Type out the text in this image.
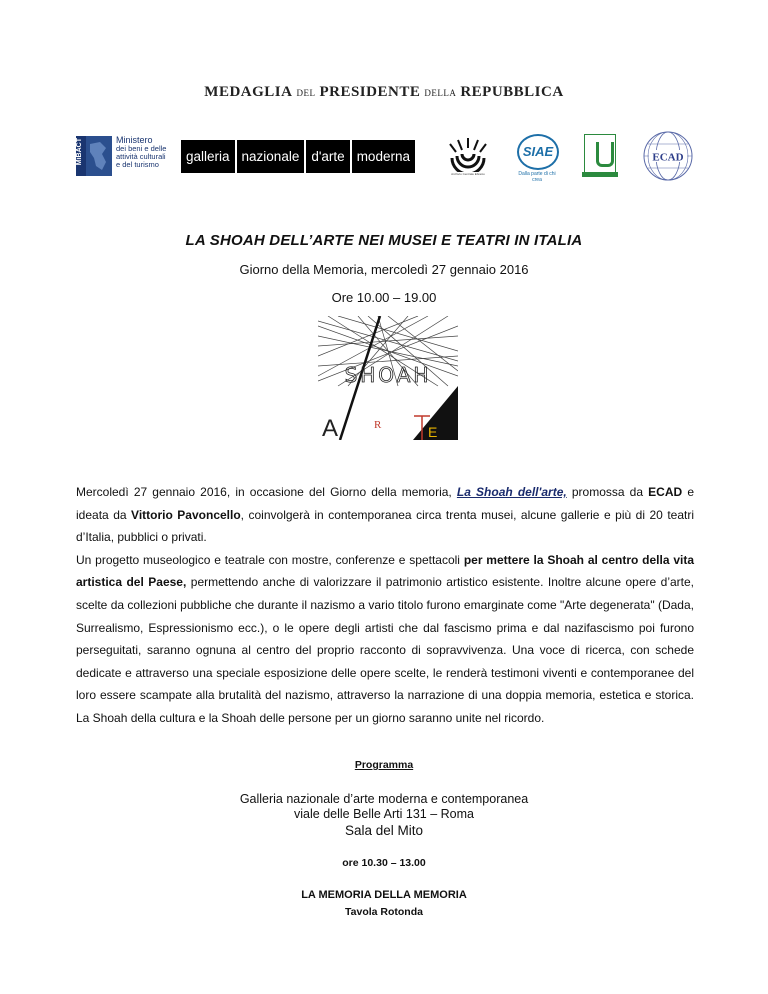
MEDAGLIA del PRESIDENTE della REPUBBLICA
MiBACT	Ministero
dei beni e delle
attività culturali
e del turismo
galleria nazionale d'arte moderna
Archivio Centrale Ebraico
SIAE
Dalla parte di chi crea
ECAD
LA SHOAH DELL’ARTE NEI MUSEI E TEATRI IN ITALIA
Giorno della Memoria, mercoledì 27 gennaio 2016
Ore 10.00 – 19.00
SHOAH
A	R	E
T

Mercoledì 27 gennaio 2016, in occasione del Giorno della memoria, La Shoah dell'arte, promossa da ECAD e ideata da Vittorio Pavoncello, coinvolgerà in contemporanea circa trenta musei, alcune gallerie e più di 20 teatri d’Italia, pubblici o privati.

Un progetto museologico e teatrale con mostre, conferenze e spettacoli per mettere la Shoah al centro della vita artistica del Paese, permettendo anche di valorizzare il patrimonio artistico esistente. Inoltre alcune opere d’arte, scelte da collezioni pubbliche che durante il nazismo a vario titolo furono emarginate come "Arte degenerata" (Dada, Surrealismo, Espressionismo ecc.), o le opere degli artisti che dal fascismo prima e dal nazifascismo poi furono perseguitati, saranno ognuna al centro del proprio racconto di sopravvivenza. Una voce di ricerca, con schede dedicate e attraverso una speciale esposizione delle opere scelte, le renderà testimoni viventi e contemporanee del loro essere scampate alla brutalità del nazismo, attraverso la narrazione di una doppia memoria, estetica e storica. La Shoah della cultura e la Shoah delle persone per un giorno saranno unite nel ricordo.

Programma
Galleria nazionale d’arte moderna e contemporanea
viale delle Belle Arti 131 – Roma
Sala del Mito
ore 10.30 – 13.00
LA MEMORIA DELLA MEMORIA
Tavola Rotonda
